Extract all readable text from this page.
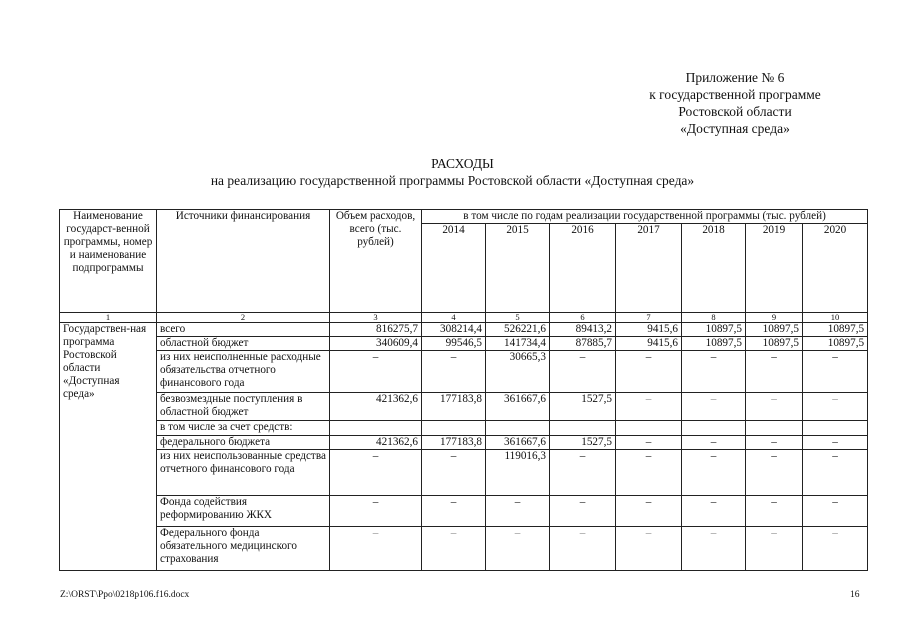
Приложение № 6
к государственной программе
Ростовской области
«Доступная среда»
РАСХОДЫ
на реализацию государственной программы Ростовской области «Доступная среда»
Наименование государст-венной программы, номер и наименование подпрограммы	Источники финансирования	Объем расходов, всего (тыс. рублей)	в том числе по годам реализации государственной программы (тыс. рублей)						
			2014	2015	2016	2017	2018	2019	2020
1	2	3	4	5	6	7	8	9	10
Государствен-ная программа Ростовской области «Доступная среда»	всего	816275,7	308214,4	526221,6	89413,2	9415,6	10897,5	10897,5	10897,5
	областной бюджет	340609,4	99546,5	141734,4	87885,7	9415,6	10897,5	10897,5	10897,5
	из них неисполненные расходные обязательства отчетного финансового года	–	–	30665,3	–	–	–	–	–
	безвозмездные поступления в областной бюджет	421362,6	177183,8	361667,6	1527,5	–	–	–	–
	в том числе за счет средств:								
	федерального бюджета	421362,6	177183,8	361667,6	1527,5	–	–	–	–
	из них неиспользованные средства отчетного финансового года	–	–	119016,3	–	–	–	–	–
	Фонда содействия реформированию ЖКХ	–	–	–	–	–	–	–	–
	Федерального фонда обязательного медицинского страхования	–	–	–	–	–	–	–	–
Z:\ORST\Ppo\0218p106.f16.docx	16
